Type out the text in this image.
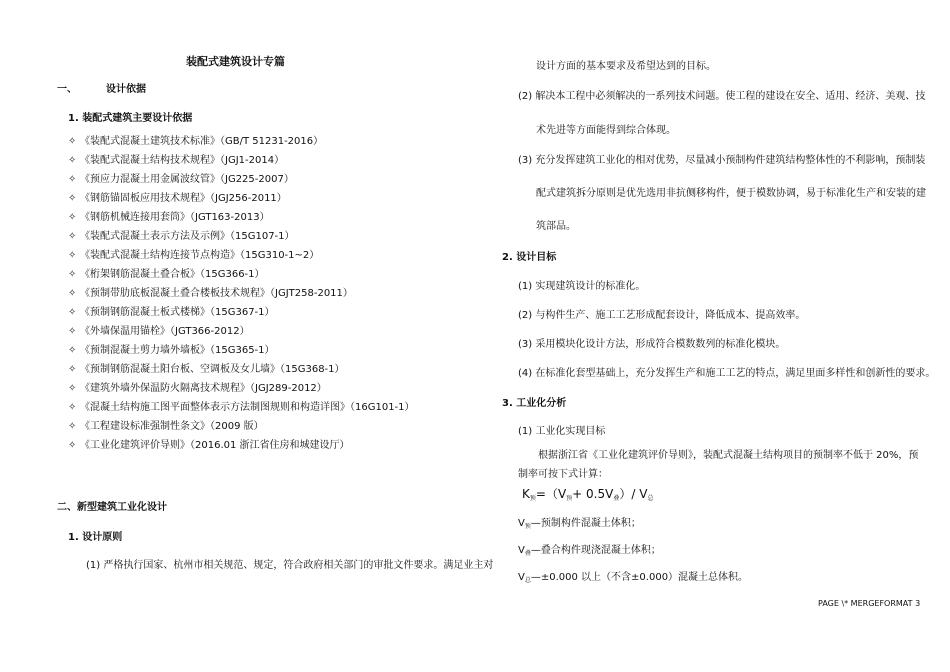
装配式建筑设计专篇
一、	设计依据
1. 装配式建筑主要设计依据
✧ 《装配式混凝土建筑技术标准》（GB/T 51231-2016）
✧ 《装配式混凝土结构技术规程》（JGJ1-2014）
✧ 《预应力混凝土用金属波纹管》（JG225-2007）
✧ 《钢筋锚固板应用技术规程》（JGJ256-2011）
✧ 《钢筋机械连接用套筒》（JGT163-2013）
✧ 《装配式混凝土表示方法及示例》（15G107-1）
✧ 《装配式混凝土结构连接节点构造》（15G310-1~2）
✧ 《桁架钢筋混凝土叠合板》（15G366-1）
✧ 《预制带肋底板混凝土叠合楼板技术规程》（JGJT258-2011）
✧ 《预制钢筋混凝土板式楼梯》（15G367-1）
✧ 《外墙保温用锚栓》（JGT366-2012）
✧ 《预制混凝土剪力墙外墙板》（15G365-1）
✧ 《预制钢筋混凝土阳台板、空调板及女儿墙》（15G368-1）
✧ 《建筑外墙外保温防火隔离技术规程》（JGJ289-2012）
✧ 《混凝土结构施工图平面整体表示方法制图规则和构造详图》（16G101-1）
✧ 《工程建设标准强制性条文》（2009 版）
✧ 《工业化建筑评价导则》（2016.01 浙江省住房和城建设厅）
二、新型建筑工业化设计
1. 设计原则
(1) 严格执行国家、杭州市相关规范、规定，符合政府相关部门的审批文件要求。满足业主对
设计方面的基本要求及希望达到的目标。
(2) 解决本工程中必须解决的一系列技术问题。使工程的建设在安全、适用、经济、美观、技
术先进等方面能得到综合体现。
(3) 充分发挥建筑工业化的相对优势，尽量减小预制构件建筑结构整体性的不利影响，预制装
配式建筑拆分原则是优先选用非抗侧移构件，便于模数协调，易于标准化生产和安装的建
筑部品。
2. 设计目标
(1) 实现建筑设计的标准化。
(2) 与构件生产、施工工艺形成配套设计，降低成本、提高效率。
(3) 采用模块化设计方法，形成符合模数数列的标准化模块。
(4) 在标准化套型基础上，充分发挥生产和施工工艺的特点，满足里面多样性和创新性的要求。
3. 工业化分析
(1) 工业化实现目标
根据浙江省《工业化建筑评价导则》，装配式混凝土结构项目的预制率不低于 20%，预
制率可按下式计算：
$K_预=(V_预+ 0.5V_叠)/$ $V_总$
$V_预—$预制构件混凝土体积；
$V_叠—$叠合构件现浇混凝土体积；
$V_总—\pm 0.000$ 以上（不含±0.000）混凝土总体积。
PAGE \* MERGEFORMAT 3
